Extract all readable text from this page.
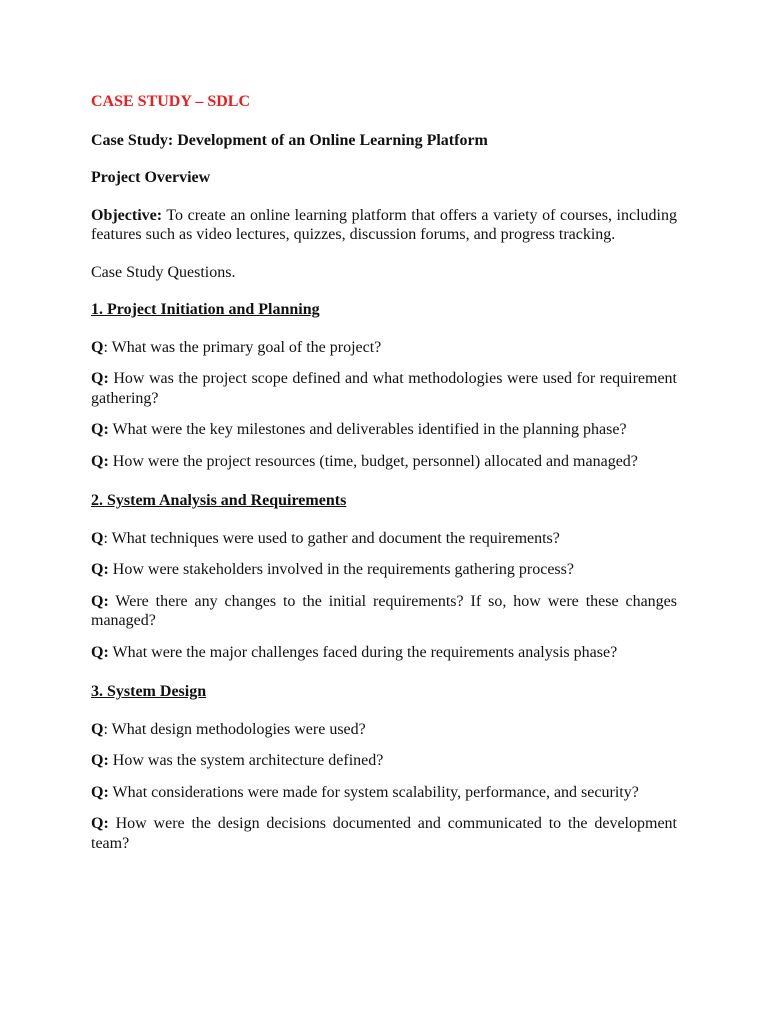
CASE STUDY – SDLC

Case Study: Development of an Online Learning Platform

Project Overview

Objective: To create an online learning platform that offers a variety of courses, including features such as video lectures, quizzes, discussion forums, and progress tracking.

Case Study Questions.

1. Project Initiation and Planning

Q: What was the primary goal of the project?

Q: How was the project scope defined and what methodologies were used for requirement gathering?

Q: What were the key milestones and deliverables identified in the planning phase?

Q: How were the project resources (time, budget, personnel) allocated and managed?

2. System Analysis and Requirements

Q: What techniques were used to gather and document the requirements?

Q: How were stakeholders involved in the requirements gathering process?

Q: Were there any changes to the initial requirements? If so, how were these changes managed?

Q: What were the major challenges faced during the requirements analysis phase?

3. System Design

Q: What design methodologies were used?

Q: How was the system architecture defined?

Q: What considerations were made for system scalability, performance, and security?

Q: How were the design decisions documented and communicated to the development team?
